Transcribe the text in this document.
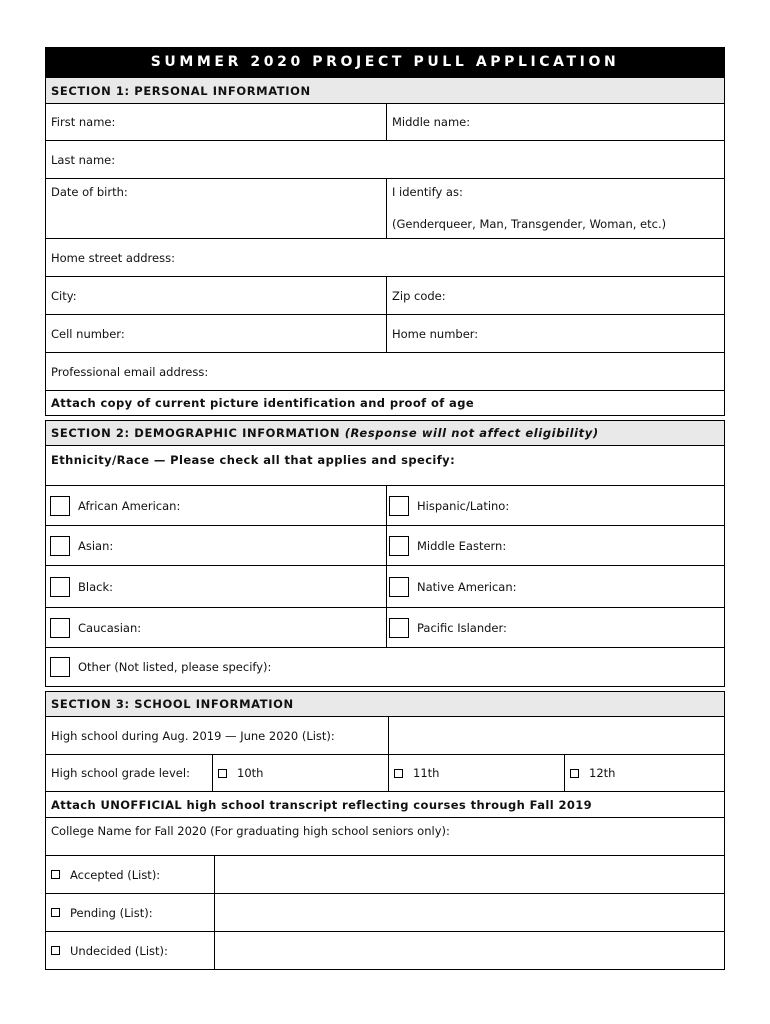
SUMMER 2020 PROJECT PULL APPLICATION
SECTION 1: PERSONAL INFORMATION
First name:	Middle name:
Last name:
Date of birth:	I identify as:
(Genderqueer, Man, Transgender, Woman, etc.)
Home street address:
City:	Zip code:
Cell number:	Home number:
Professional email address:
Attach copy of current picture identification and proof of age
SECTION 2: DEMOGRAPHIC INFORMATION
(Response will not affect eligibility)
Ethnicity/Race — Please check all that applies and specify:
African American:	Hispanic/Latino:
Asian:	Middle Eastern:
Black:	Native American:
Caucasian:	Pacific Islander:
Other (Not listed, please specify):
SECTION 3: SCHOOL INFORMATION
High school during Aug. 2019 — June 2020 (List):
High school grade level:	10th	11th	12th
Attach UNOFFICIAL high school transcript reflecting courses through Fall 2019
College Name for Fall 2020 (For graduating high school seniors only):
Accepted (List):
Pending (List):
Undecided (List):
